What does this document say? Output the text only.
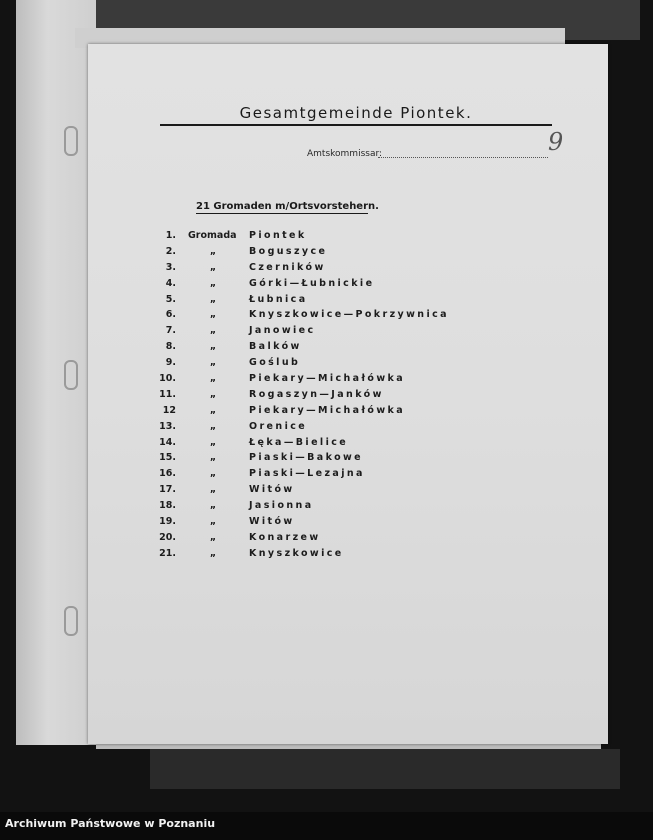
Gesamtgemeinde Piontek.
Amtskommissar:	9
21 Gromaden m/Ortsvorstehern.
1. Gromada	Piontek
2.	„	Boguszyce
3.	„	Czerników
4.	„	Górki—Łubnickie
5.	„	Łubnica
6.	„	Knyszkowice—Pokrzywnica
7.	„	Janowiec
8.	„	Balków
9.	„	Goślub
10.	„	Piekary—Michałówka
11.	„	Rogaszyn—Janków
12	„	Piekary—Michałówka
13.	„	Orenice
14.	„	Łęka—Bielice
15.	„	Piaski—Bakowe
16.	„	Piaski—Lezajna
17.	„	Witów
18.	„	Jasionna
19.	„	Witów
20.	„	Konarzew
21.	„	Knyszkowice
Archiwum Państwowe w Poznaniu
